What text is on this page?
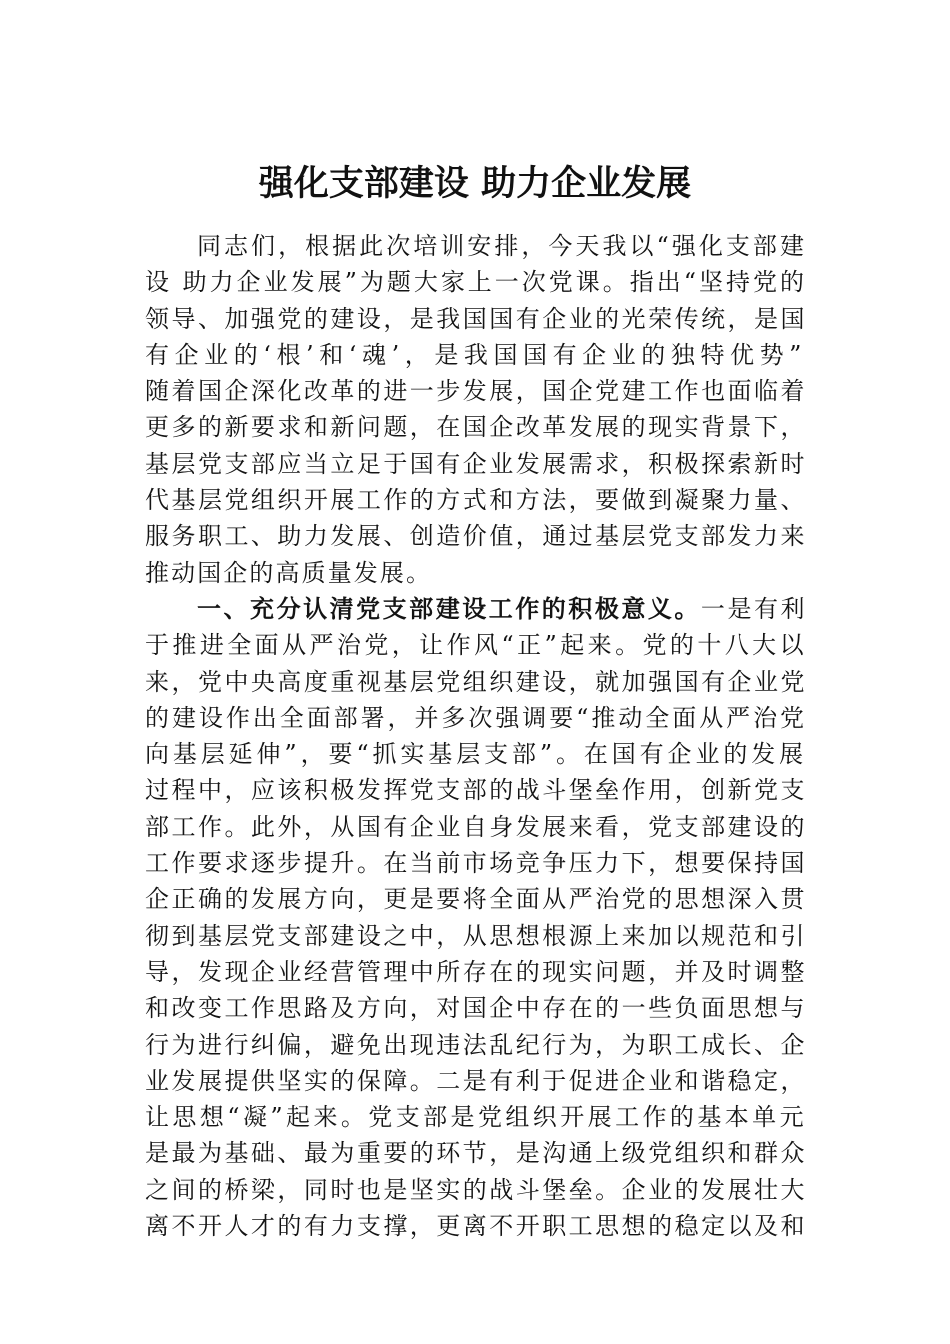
强化支部建设 助力企业发展
同志们，根据此次培训安排，今天我以“强化支部建
设 助力企业发展”为题大家上一次党课。指出“坚持党的
领导、加强党的建设，是我国国有企业的光荣传统，是国
有企业的‘根’和‘魂’，是我国国有企业的独特优势”
随着国企深化改革的进一步发展，国企党建工作也面临着
更多的新要求和新问题，在国企改革发展的现实背景下，
基层党支部应当立足于国有企业发展需求，积极探索新时
代基层党组织开展工作的方式和方法，要做到凝聚力量、
服务职工、助力发展、创造价值，通过基层党支部发力来
推动国企的高质量发展。
一、充分认清党支部建设工作的积极意义。一是有利
于推进全面从严治党，让作风“正”起来。党的十八大以
来，党中央高度重视基层党组织建设，就加强国有企业党
的建设作出全面部署，并多次强调要“推动全面从严治党
向基层延伸”，要“抓实基层支部”。在国有企业的发展
过程中，应该积极发挥党支部的战斗堡垒作用，创新党支
部工作。此外，从国有企业自身发展来看，党支部建设的
工作要求逐步提升。在当前市场竞争压力下，想要保持国
企正确的发展方向，更是要将全面从严治党的思想深入贯
彻到基层党支部建设之中，从思想根源上来加以规范和引
导，发现企业经营管理中所存在的现实问题，并及时调整
和改变工作思路及方向，对国企中存在的一些负面思想与
行为进行纠偏，避免出现违法乱纪行为，为职工成长、企
业发展提供坚实的保障。二是有利于促进企业和谐稳定，
让思想“凝”起来。党支部是党组织开展工作的基本单元
是最为基础、最为重要的环节，是沟通上级党组织和群众
之间的桥梁，同时也是坚实的战斗堡垒。企业的发展壮大
离不开人才的有力支撑，更离不开职工思想的稳定以及和
